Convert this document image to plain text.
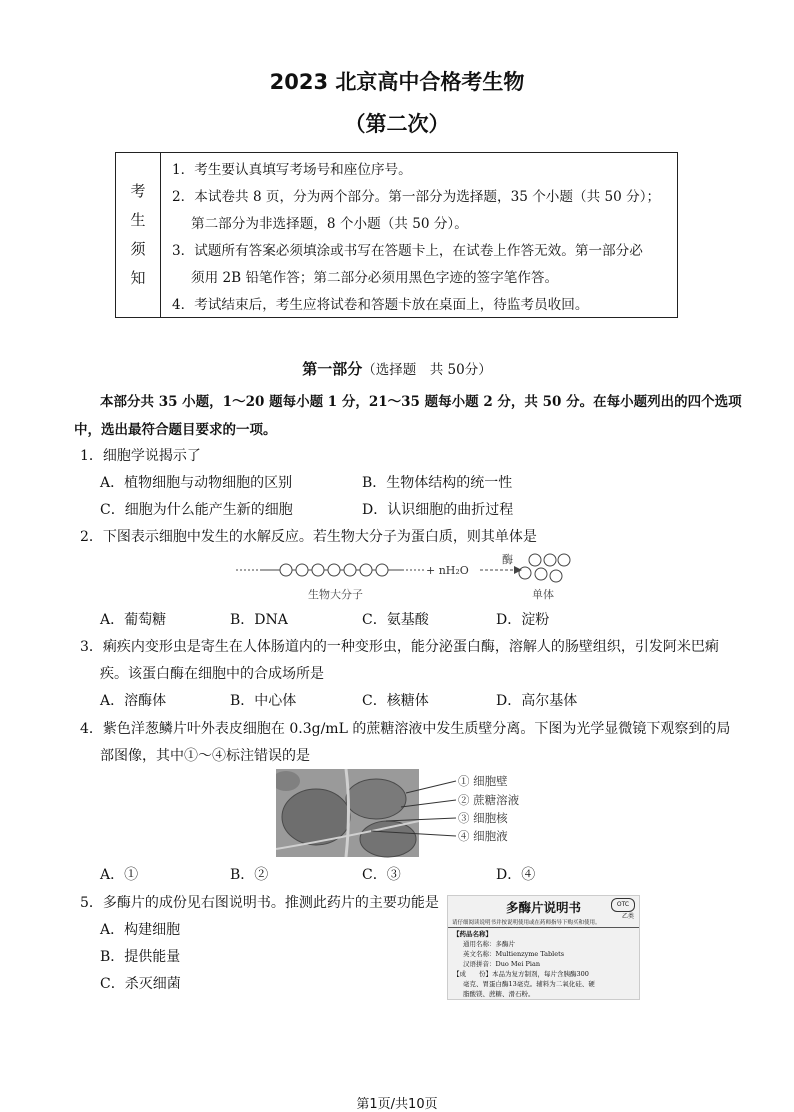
2023 北京高中合格考生物
（第二次）
考
生
须
知
1．考生要认真填写考场号和座位序号。
2．本试卷共 8 页，分为两个部分。第一部分为选择题，35 个小题（共 50 分）；
第二部分为非选择题，8 个小题（共 50 分）。
3．试题所有答案必须填涂或书写在答题卡上，在试卷上作答无效。第一部分必
须用 2B 铅笔作答；第二部分必须用黑色字迹的签字笔作答。
4．考试结束后，考生应将试卷和答题卡放在桌面上，待监考员收回。
第一部分（选择题　共 50分）
本部分共 35 小题，1～20 题每小题 1 分，21～35 题每小题 2 分，共 50 分。在每小题列出的四个选项
中，选出最符合题目要求的一项。
1．细胞学说揭示了
A．植物细胞与动物细胞的区别	B．生物体结构的统一性
C．细胞为什么能产生新的细胞	D．认识细胞的曲折过程
2．下图表示细胞中发生的水解反应。若生物大分子为蛋白质，则其单体是
+ nH₂O
酶
生物大分子	单体
A．葡萄糖	B．DNA	C．氨基酸	D．淀粉
3．痢疾内变形虫是寄生在人体肠道内的一种变形虫，能分泌蛋白酶，溶解人的肠壁组织，引发阿米巴痢
疾。该蛋白酶在细胞中的合成场所是
A．溶酶体	B．中心体	C．核糖体	D．高尔基体
4．紫色洋葱鳞片叶外表皮细胞在 0.3g/mL 的蔗糖溶液中发生质壁分离。下图为光学显微镜下观察到的局
部图像，其中①～④标注错误的是
① 细胞壁
② 蔗糖溶液
③ 细胞核
④ 细胞液
A．①	B．②	C．③	D．④
5．多酶片的成份见右图说明书。推测此药片的主要功能是
A．构建细胞
B．提供能量
C．杀灭细菌
多酶片说明书	OTC
乙类
请仔细阅读说明书并按说明使用或在药师指导下购买和使用。
【药品名称】
通用名称：多酶片
英文名称：Multienzyme Tablets
汉语拼音：Duo Mei Pian
【成　　份】本品为复方制剂，每片含胰酶300
毫克、胃蛋白酶13毫克。辅料为二氧化硅、硬
脂酸镁、蔗糖、滑石粉。
第1页/共10页
